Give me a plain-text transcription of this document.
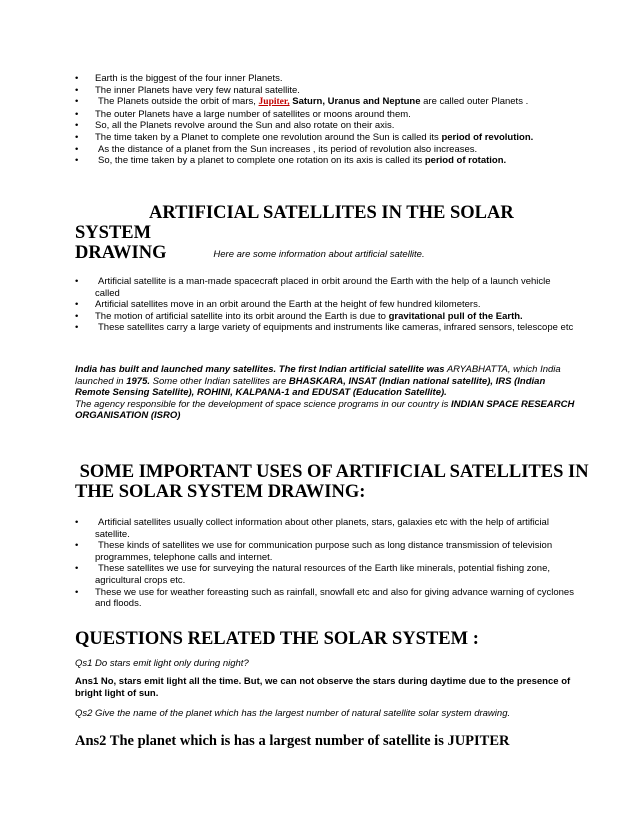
• Earth is the biggest of the four inner Planets.
• The inner Planets have very few natural satellite.
• The Planets outside the orbit of mars, Jupiter, Saturn, Uranus and Neptune are called outer Planets .
• The outer Planets have a large number of satellites or moons around them.
• So, all the Planets revolve around the Sun and also rotate on their axis.
• The time taken by a Planet to complete one revolution around the Sun is called its period of revolution.
• As the distance of a planet from the Sun increases , its period of revolution also increases.
• So, the time taken by a planet to complete one rotation on its axis is called its period of rotation.
ARTIFICIAL SATELLITES IN THE SOLAR SYSTEM
DRAWING	Here are some information about artificial satellite.
• Artificial satellite is a man-made spacecraft placed in orbit around the Earth with the help of a launch vehicle called
• Artificial satellites move in an orbit around the Earth at the height of few hundred kilometers.
• The motion of artificial satellite into its orbit around the Earth is due to gravitational pull of the Earth.
• These satellites carry a large variety of equipments and instruments like cameras, infrared sensors, telescope etc
India has built and launched many satellites. The first Indian artificial satellite was ARYABHATTA, which India launched in 1975. Some other Indian satellites are BHASKARA, INSAT (Indian national satellite), IRS (Indian Remote Sensing Satellite), ROHINI, KALPANA-1 and EDUSAT (Education Satellite).
The agency responsible for the development of space science programs in our country is INDIAN SPACE RESEARCH ORGANISATION (ISRO)
SOME IMPORTANT USES OF ARTIFICIAL SATELLITES IN
THE SOLAR SYSTEM DRAWING:
• Artificial satellites usually collect information about other planets, stars, galaxies etc with the help of artificial satellite.
• These kinds of satellites we use for communication purpose such as long distance transmission of television programmes, telephone calls and internet.
• These satellites we use for surveying the natural resources of the Earth like minerals, potential fishing zone, agricultural crops etc.
• These we use for weather foreasting such as rainfall, snowfall etc and also for giving advance warning of cyclones and floods.
QUESTIONS RELATED THE SOLAR SYSTEM :
Qs1 Do stars emit light only during night?
Ans1 No, stars emit light all the time. But, we can not observe the stars during daytime due to the presence of bright light of sun.
Qs2 Give the name of the planet which has the largest number of natural satellite solar system drawing.
Ans2 The planet which is has a largest number of satellite is JUPITER
